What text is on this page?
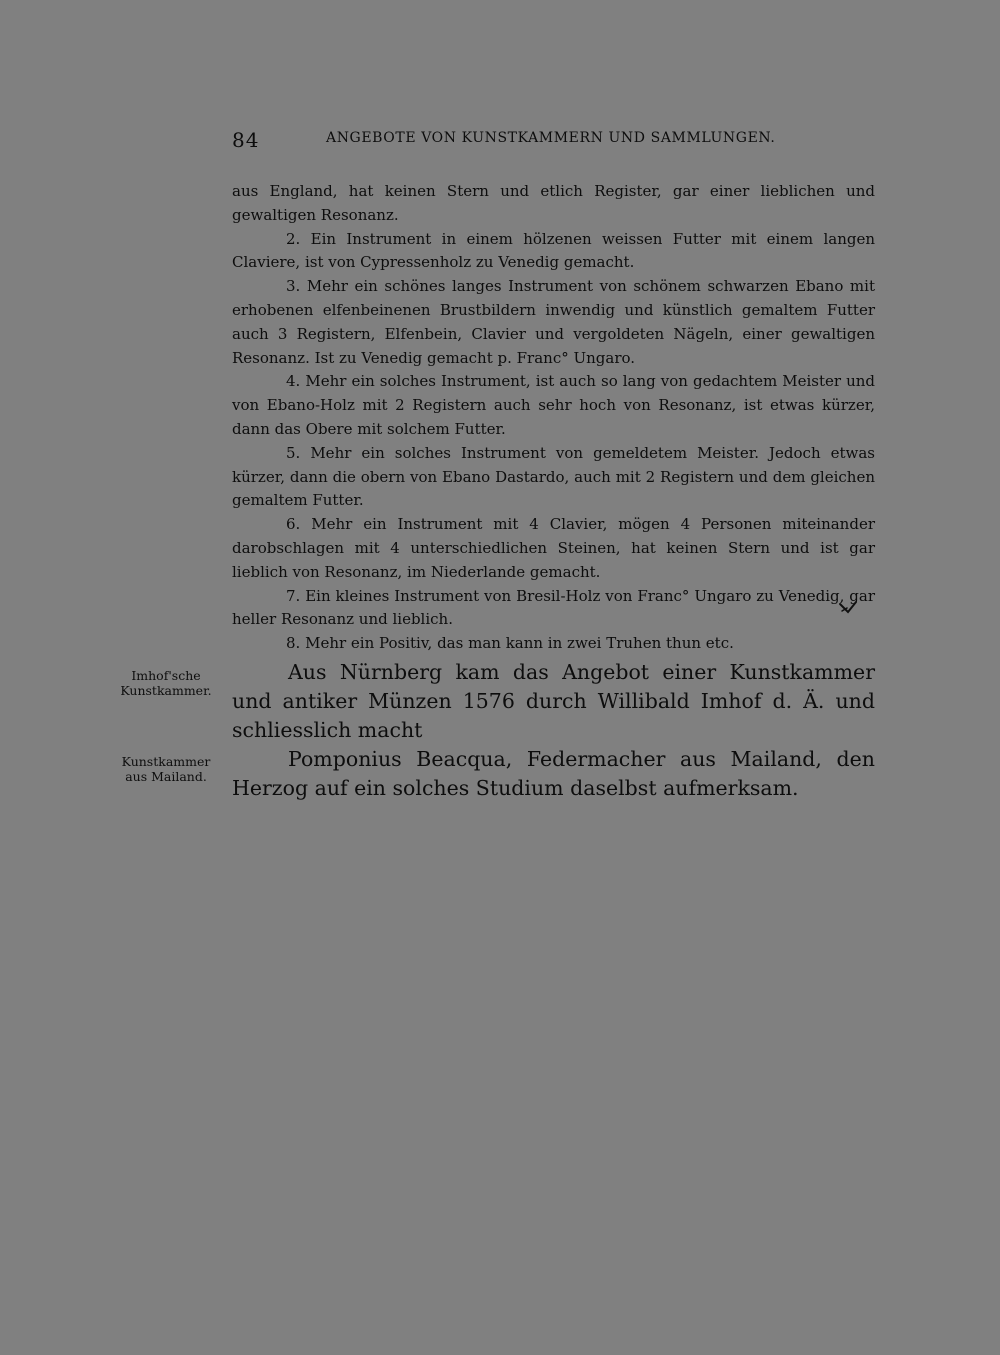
84	ANGEBOTE VON KUNSTKAMMERN UND SAMMLUNGEN.

aus England, hat keinen Stern und etlich Register, gar einer lieblichen und gewaltigen Resonanz.

2. Ein Instrument in einem hölzenen weissen Futter mit einem langen Claviere, ist von Cypressenholz zu Venedig gemacht.

3. Mehr ein schönes langes Instrument von schönem schwarzen Ebano mit erhobenen elfenbeinenen Brustbildern inwendig und künstlich gemaltem Futter auch 3 Registern, Elfenbein, Clavier und vergoldeten Nägeln, einer gewaltigen Resonanz. Ist zu Venedig gemacht p. Franc° Ungaro.

4. Mehr ein solches Instrument, ist auch so lang von gedachtem Meister und von Ebano-Holz mit 2 Registern auch sehr hoch von Resonanz, ist etwas kürzer, dann das Obere mit solchem Futter.

5. Mehr ein solches Instrument von gemeldetem Meister. Jedoch etwas kürzer, dann die obern von Ebano Dastardo, auch mit 2 Registern und dem gleichen gemaltem Futter.

6. Mehr ein Instrument mit 4 Clavier, mögen 4 Personen miteinander darobschlagen mit 4 unterschiedlichen Steinen, hat keinen Stern und ist gar lieblich von Resonanz, im Niederlande gemacht.

7. Ein kleines Instrument von Bresil-Holz von Franc° Ungaro zu Venedig, gar heller Resonanz und lieblich.

8. Mehr ein Positiv, das man kann in zwei Truhen thun etc.

Imhof'sche
Kunstkammer.
Kunstkammer
aus Mailand.

Aus Nürnberg kam das Angebot einer Kunstkammer und antiker Münzen 1576 durch Willibald Imhof d. Ä. und schliesslich macht

Pomponius Beacqua, Federmacher aus Mailand, den Herzog auf ein solches Studium daselbst aufmerksam.
